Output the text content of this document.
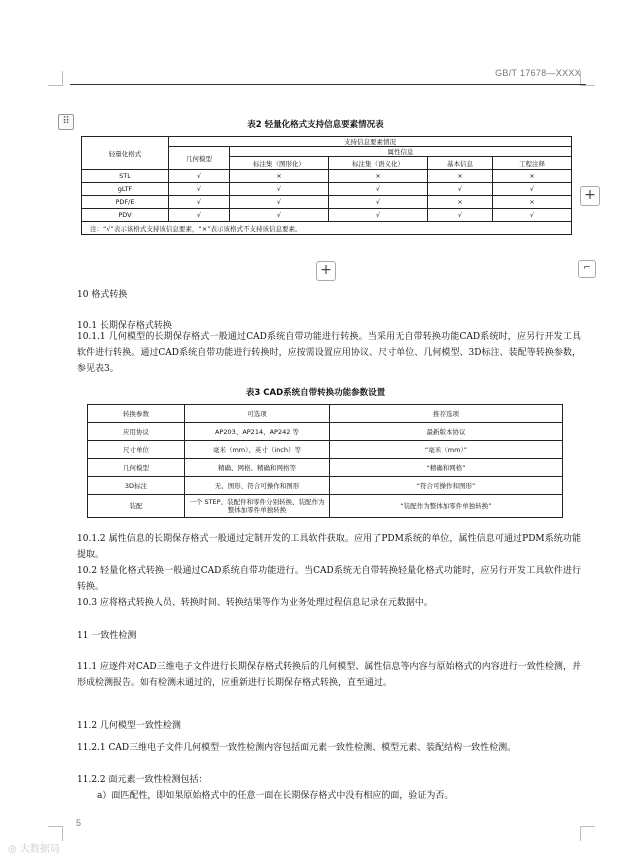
GB/T 17678—XXXX
⠿
+
+	⌐
表2 轻量化格式支持信息要素情况表
轻量化格式	支持信息要素情况				
	几何模型	属性信息			
		标注集（图形化）	标注集（语义化）	基本信息	工程注释
STL	√	×	×	×	×
gLTF	√	√	√	√	√
PDF/E	√	√	√	×	×
PDV	√	√	√	√	√
注：“√”表示该格式支持该信息要素，“×”表示该格式不支持该信息要素。					
10 格式转换
10.1 长期保存格式转换
10.1.1 几何模型的长期保存格式一般通过CAD系统自带功能进行转换。当采用无自带转换功能CAD系统时，应另行开发工具软件进行转换。通过CAD系统自带功能进行转换时，应按需设置应用协议、尺寸单位、几何模型、3D标注、装配等转换参数，参见表3。
表3 CAD系统自带转换功能参数设置
转换参数	可选项	推荐选项
应用协议	AP203、AP214、AP242 等	最新版本协议
尺寸单位	毫米（mm）、英寸（inch）等	“毫米（mm）”
几何模型	精确、网格、精确和网格等	“精确和网格”
3D标注	无、图形、符合可操作和图形	“符合可操作和图形”
装配	一个 STEP、装配件和零件分别转换、装配作为整体加零件单独转换	“装配作为整体加零件单独转换”
10.1.2 属性信息的长期保存格式一般通过定制开发的工具软件获取。应用了PDM系统的单位，属性信息可通过PDM系统功能提取。
10.2 轻量化格式转换一般通过CAD系统自带功能进行。当CAD系统无自带转换轻量化格式功能时，应另行开发工具软件进行转换。
10.3 应将格式转换人员、转换时间、转换结果等作为业务处理过程信息记录在元数据中。
11 一致性检测
11.1 应逐件对CAD三维电子文件进行长期保存格式转换后的几何模型、属性信息等内容与原始格式的内容进行一致性检测，并形成检测报告。如有检测未通过的，应重新进行长期保存格式转换，直至通过。
11.2 几何模型一致性检测
11.2.1 CAD三维电子文件几何模型一致性检测内容包括面元素一致性检测、模型元素、装配结构一致性检测。
11.2.2 面元素一致性检测包括：
a）面匹配性，即如果原始格式中的任意一面在长期保存格式中没有相应的面，验证为否。
5
◎ 大数据局
